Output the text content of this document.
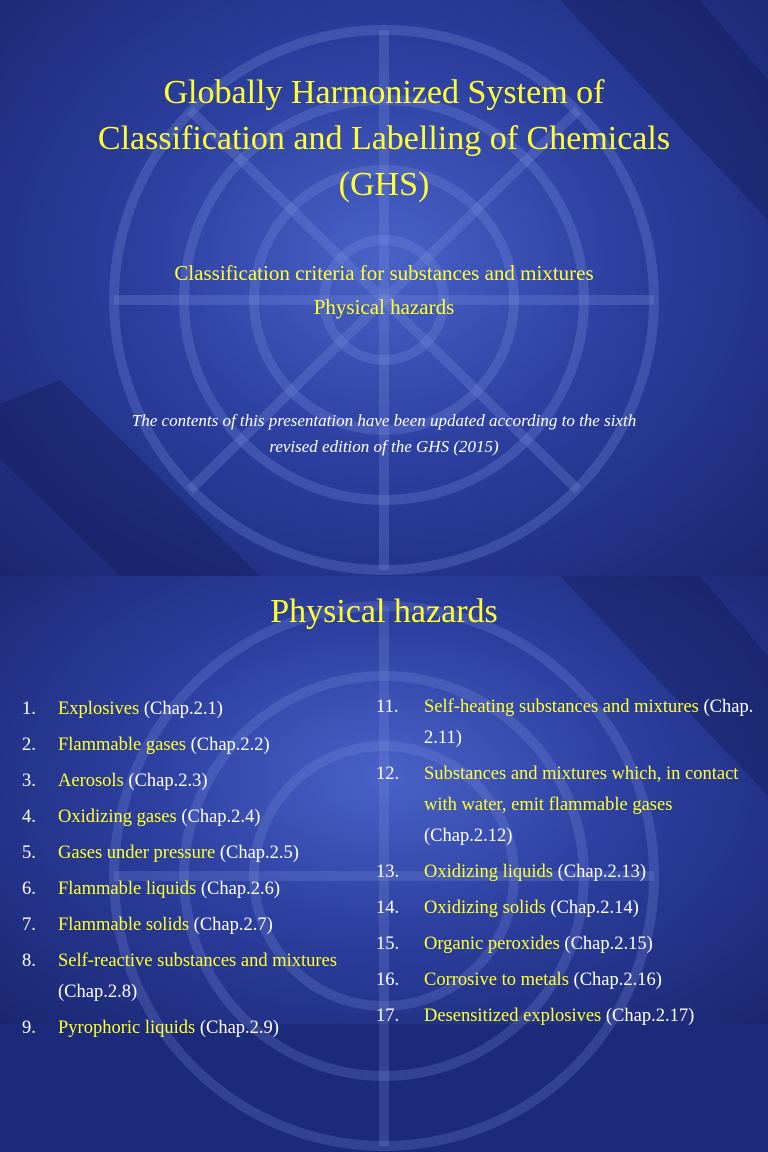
Globally Harmonized System of
Classification and Labelling of Chemicals
(GHS)
Classification criteria for substances and mixtures
Physical hazards
The contents of this presentation have been updated according to the sixth
revised edition of the GHS (2015)
Physical hazards
1.	Explosives (Chap.2.1)
2.	Flammable gases (Chap.2.2)
3.	Aerosols (Chap.2.3)
4.	Oxidizing gases (Chap.2.4)
5.	Gases under pressure (Chap.2.5)
6.	Flammable liquids (Chap.2.6)
7.	Flammable solids (Chap.2.7)
8.	Self-reactive substances and mixtures (Chap.2.8)
9.	Pyrophoric liquids (Chap.2.9)
11.	Self-heating substances and mixtures (Chap. 2.11)
12.	Substances and mixtures which, in contact with water, emit flammable gases (Chap.2.12)
13.	Oxidizing liquids (Chap.2.13)
14.	Oxidizing solids (Chap.2.14)
15.	Organic peroxides (Chap.2.15)
16.	Corrosive to metals (Chap.2.16)
17.	Desensitized explosives (Chap.2.17)
